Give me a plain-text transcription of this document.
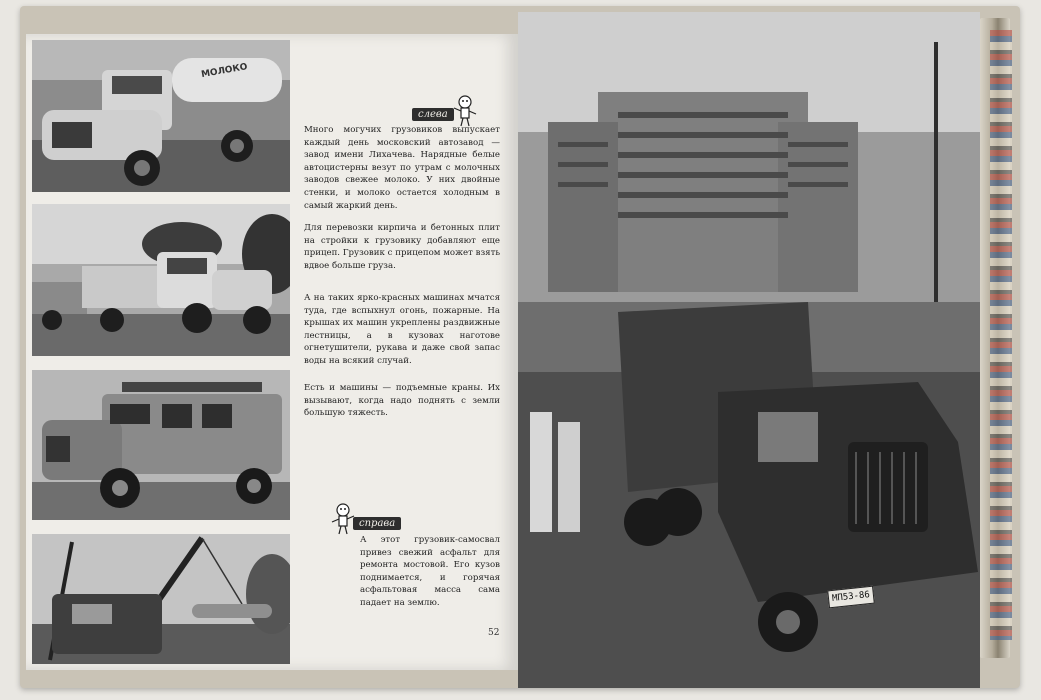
МОЛОКО
слева
справа
Много могучих грузовиков выпускает каждый день московский автозавод — завод имени Лихачева. Нарядные белые автоцистерны везут по утрам с молочных заводов свежее молоко. У них двойные стенки, и молоко остается холодным в самый жаркий день.
Для перевозки кирпича и бетонных плит на стройки к грузовику добавляют еще прицеп. Грузовик с прицепом может взять вдвое больше груза.
А на таких ярко-красных машинах мчатся туда, где вспыхнул огонь, пожарные. На крышах их машин укреплены раздвижные лестницы, а в кузовах наготове огнетушители, рукава и даже свой запас воды на всякий случай.
Есть и машины — подъемные краны. Их вызывают, когда надо поднять с земли большую тяжесть.
А этот грузовик-самосвал привез свежий асфальт для ремонта мостовой. Его кузов поднимается, и горячая асфальтовая масса сама падает на землю.
52
МП53-86
